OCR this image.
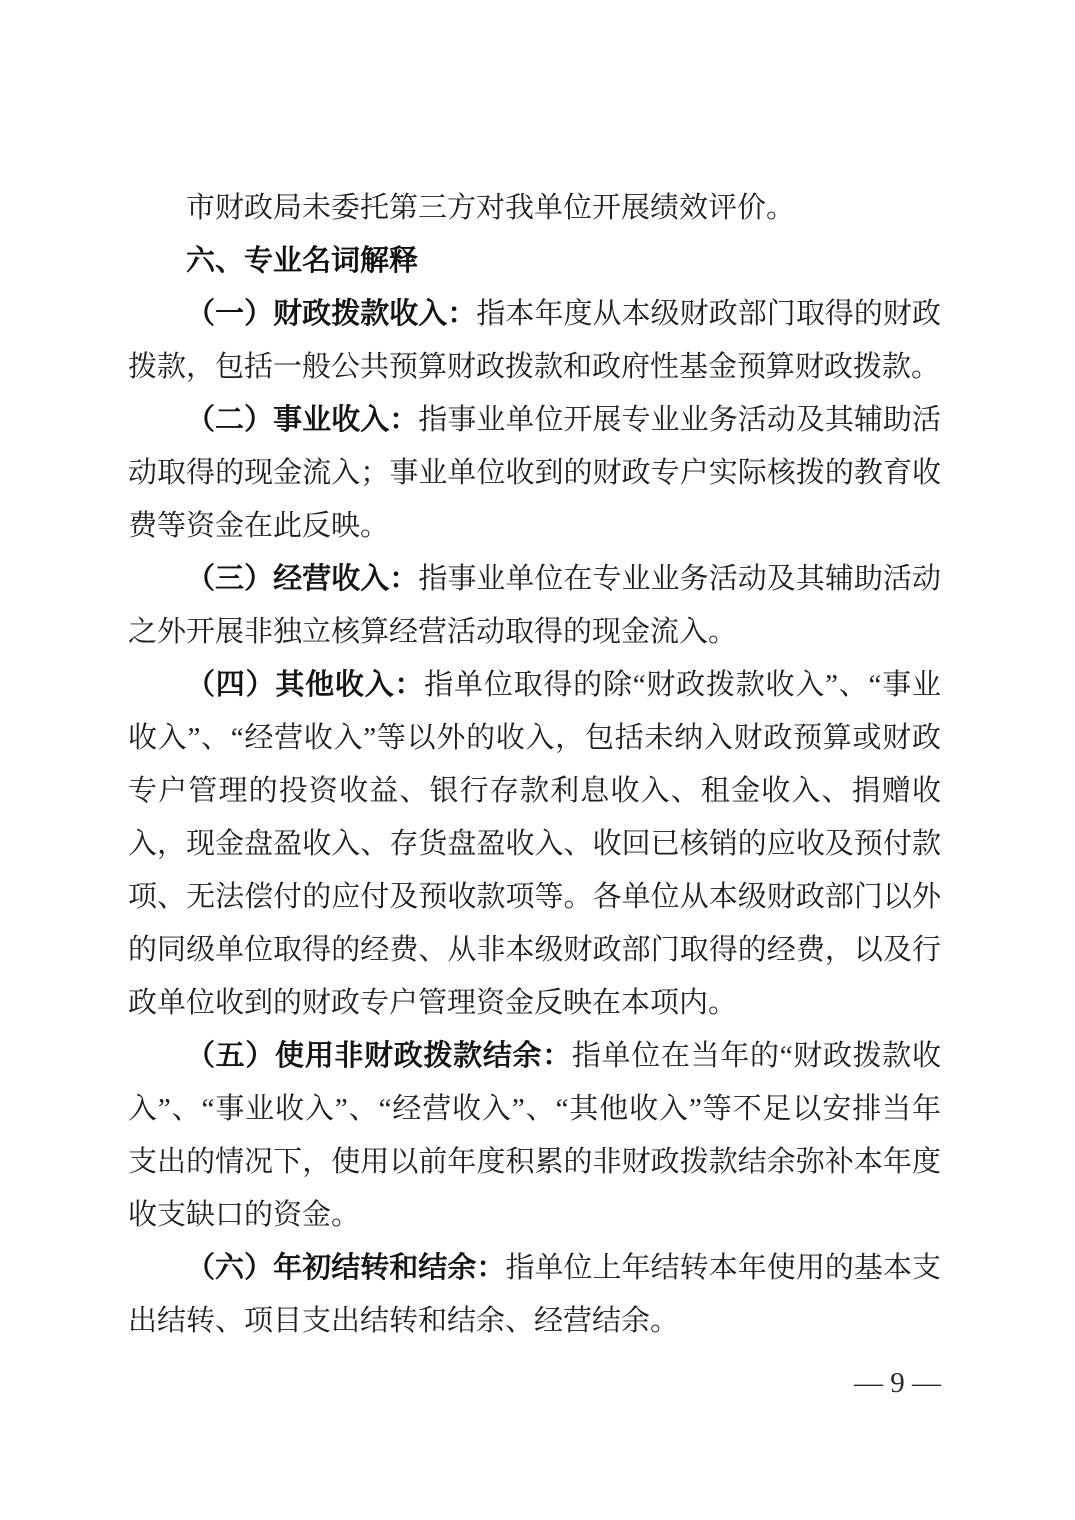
市财政局未委托第三方对我单位开展绩效评价。

六、专业名词解释

（一）财政拨款收入：指本年度从本级财政部门取得的财政拨款，包括一般公共预算财政拨款和政府性基金预算财政拨款。

（二）事业收入：指事业单位开展专业业务活动及其辅助活动取得的现金流入；事业单位收到的财政专户实际核拨的教育收费等资金在此反映。

（三）经营收入：指事业单位在专业业务活动及其辅助活动之外开展非独立核算经营活动取得的现金流入。

（四）其他收入：指单位取得的除“财政拨款收入”、“事业收入”、“经营收入”等以外的收入，包括未纳入财政预算或财政专户管理的投资收益、银行存款利息收入、租金收入、捐赠收入，现金盘盈收入、存货盘盈收入、收回已核销的应收及预付款项、无法偿付的应付及预收款项等。各单位从本级财政部门以外的同级单位取得的经费、从非本级财政部门取得的经费，以及行政单位收到的财政专户管理资金反映在本项内。

（五）使用非财政拨款结余：指单位在当年的“财政拨款收入”、“事业收入”、“经营收入”、“其他收入”等不足以安排当年支出的情况下，使用以前年度积累的非财政拨款结余弥补本年度收支缺口的资金。

（六）年初结转和结余：指单位上年结转本年使用的基本支出结转、项目支出结转和结余、经营结余。

— 9 —
